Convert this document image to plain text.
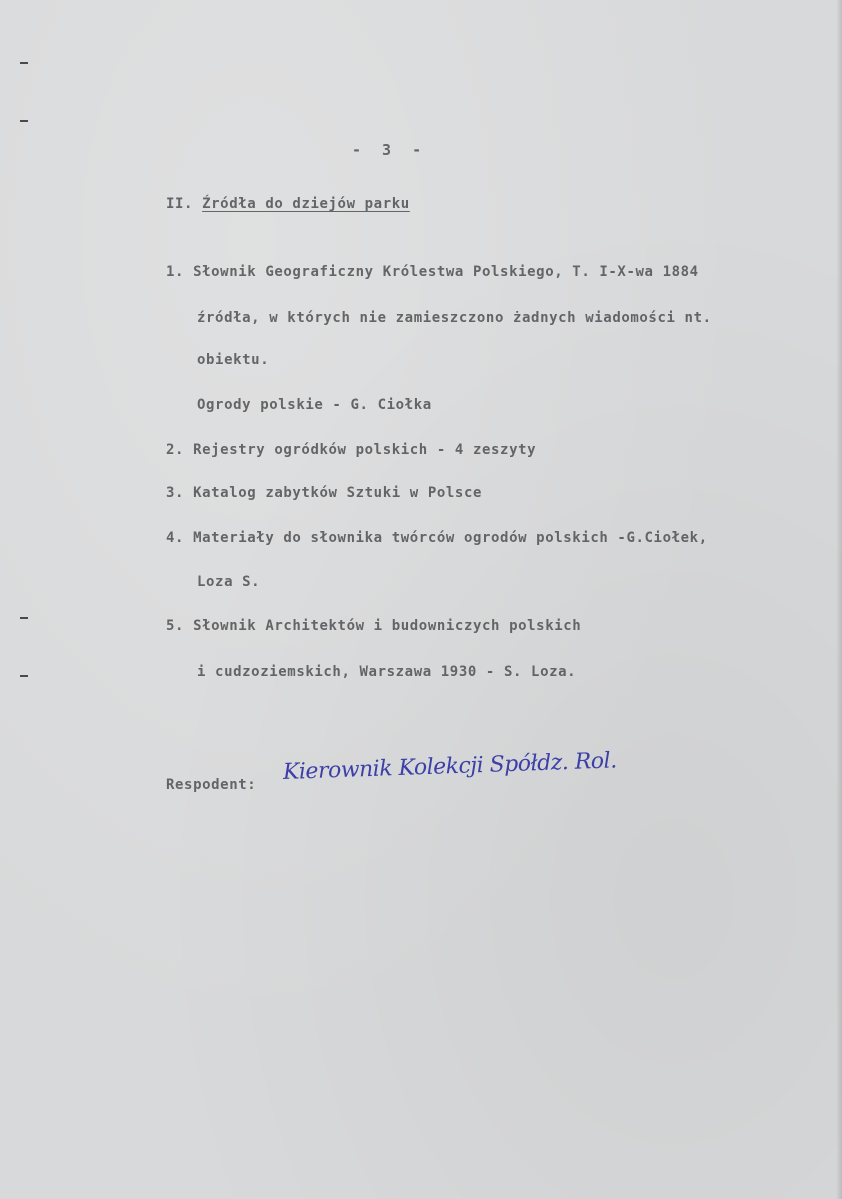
- 3 -
II. Źródła do dziejów parku
1. Słownik Geograficzny Królestwa Polskiego, T. I-X-wa 1884
źródła, w których nie zamieszczono żadnych wiadomości nt.
obiektu.
Ogrody polskie - G. Ciołka
2. Rejestry ogródków polskich - 4 zeszyty
3. Katalog zabytków Sztuki w Polsce
4. Materiały do słownika twórców ogrodów polskich -G.Ciołek,
Loza S.
5. Słownik Architektów i budowniczych polskich
i cudzoziemskich, Warszawa 1930 - S. Loza.
Respodent:
Kierownik Kolekcji Spółdz. Rol.
